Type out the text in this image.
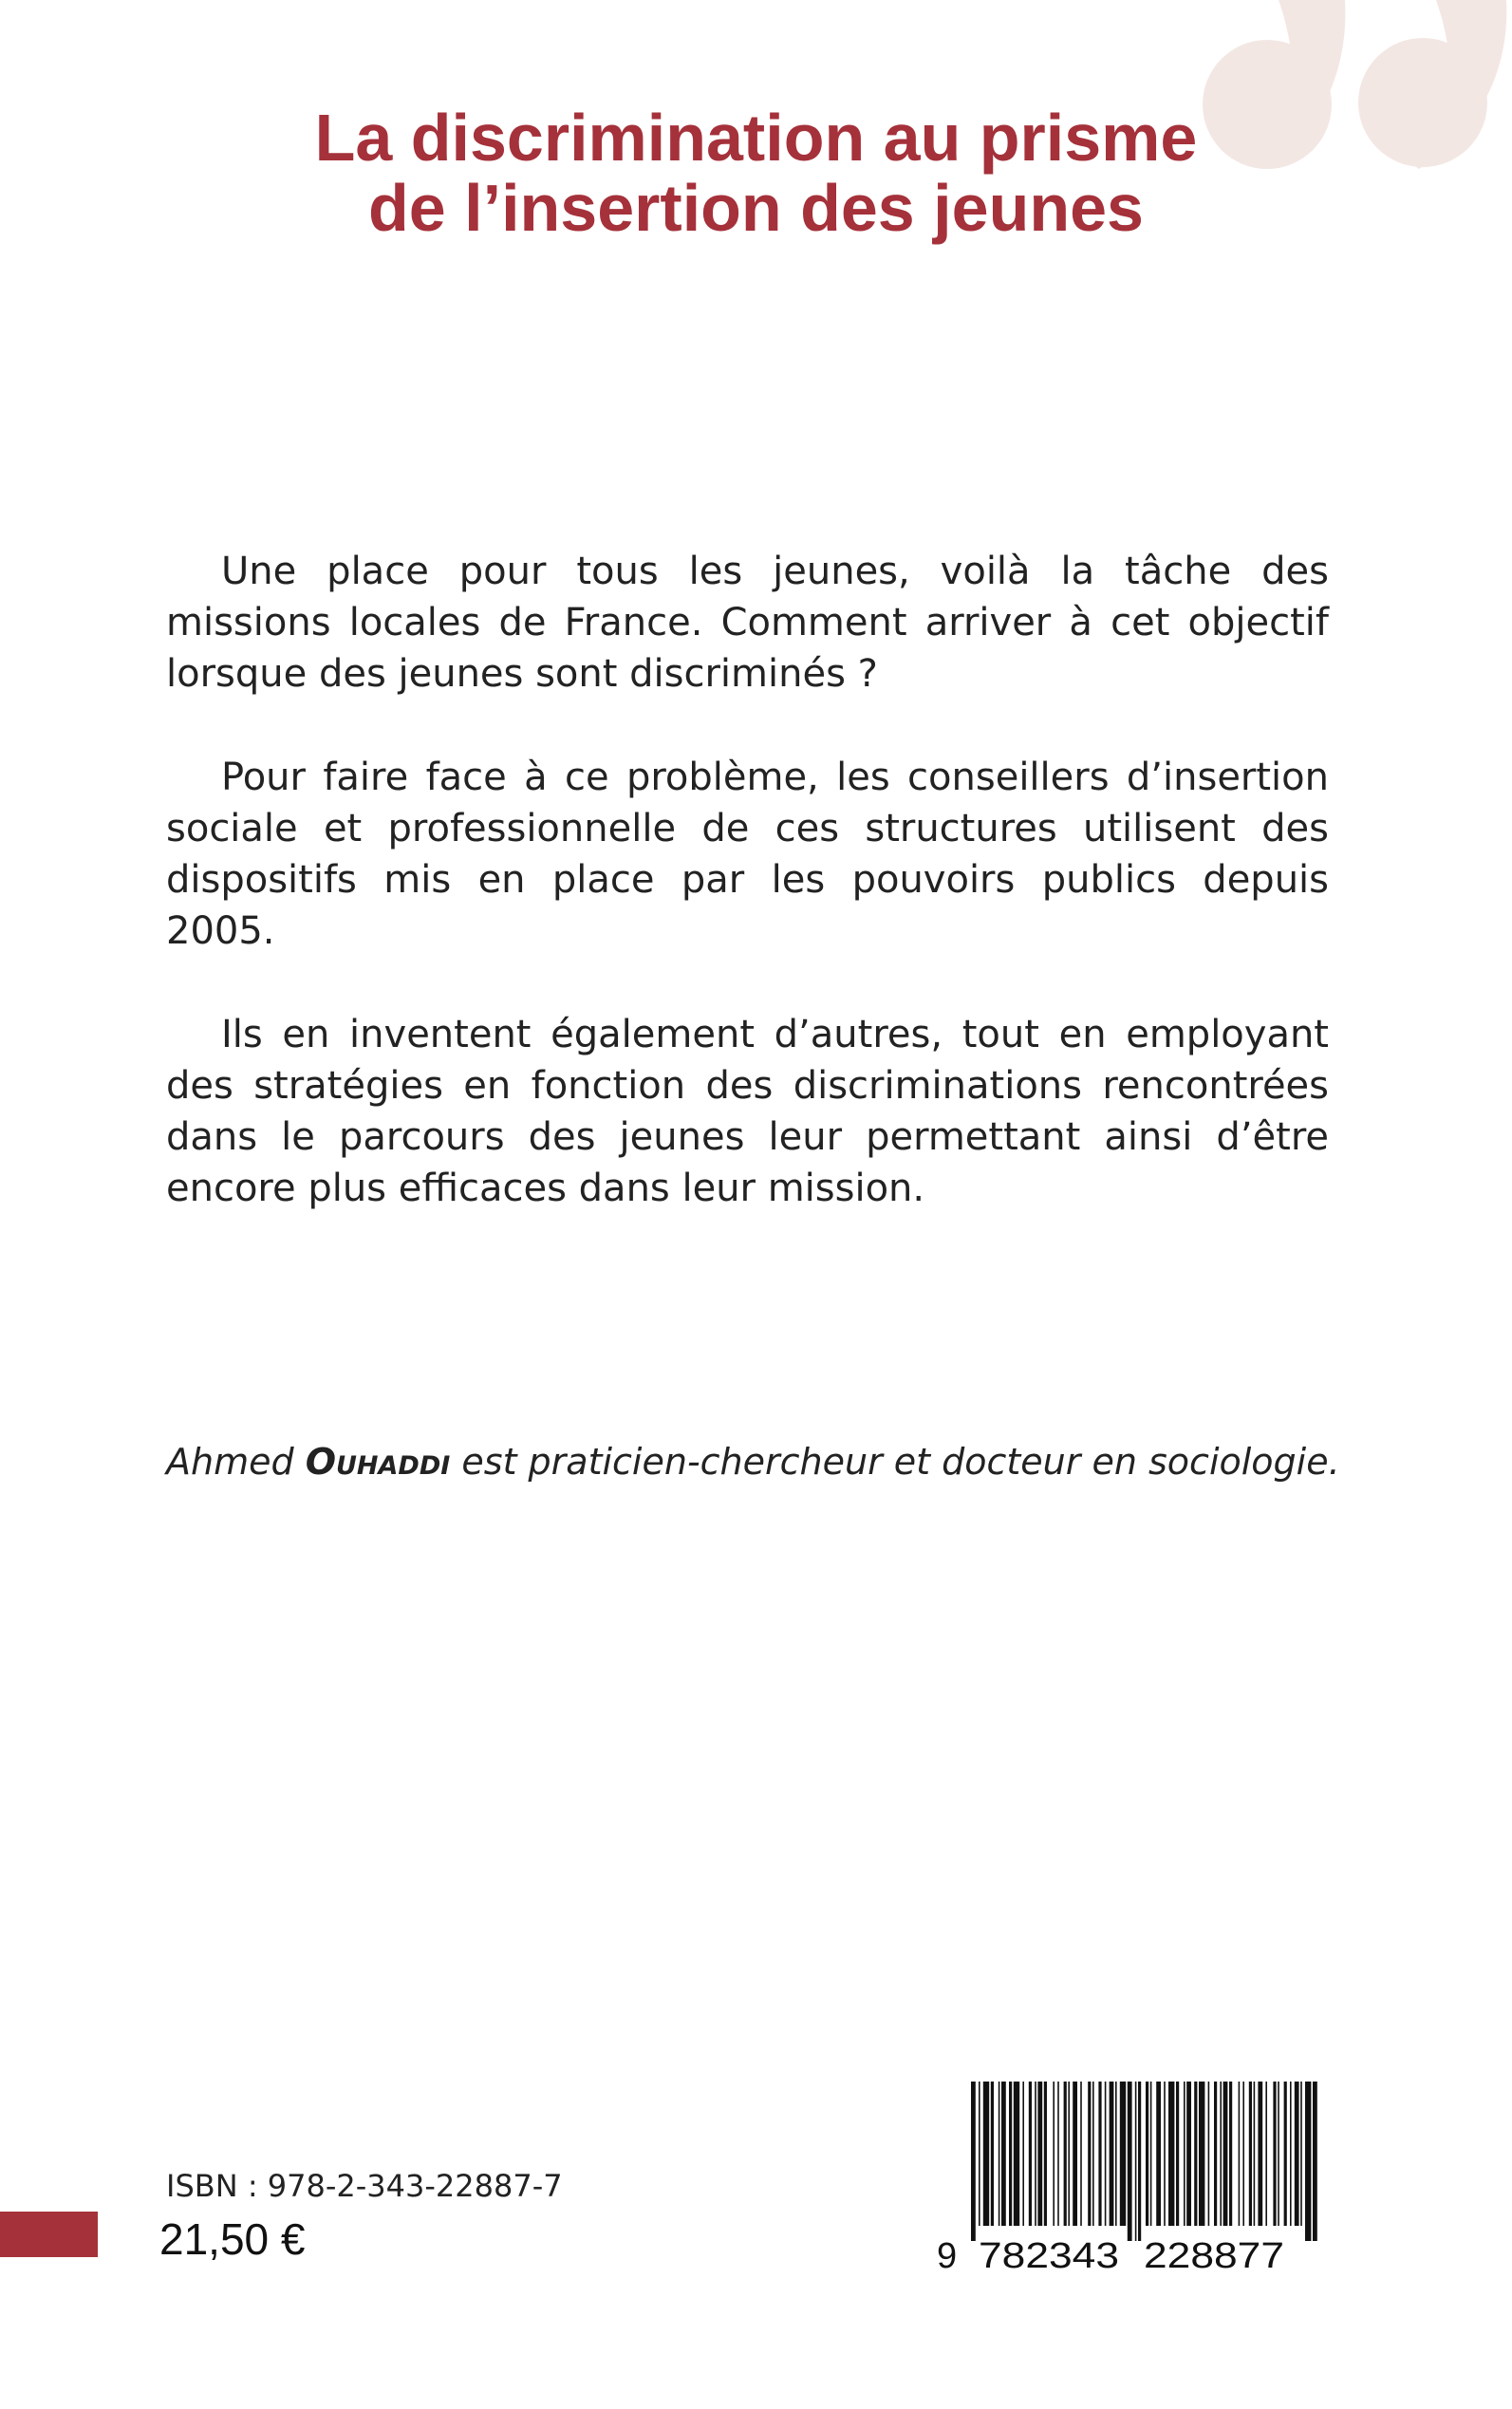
La discrimination au prisme
de l’insertion des jeunes

Une place pour tous les jeunes, voilà la tâche des missions locales de France. Comment arriver à cet objectif lorsque des jeunes sont discriminés ?

Pour faire face à ce problème, les conseillers d’insertion sociale et professionnelle de ces structures utilisent des dispositifs mis en place par les pouvoirs publics depuis 2005.

Ils en inventent également d’autres, tout en employant des stratégies en fonction des discriminations rencontrées dans le parcours des jeunes leur permettant ainsi d’être encore plus efficaces dans leur mission.

Ahmed Ouhaddi est praticien-chercheur et docteur en sociologie.
ISBN : 978-2-343-22887-7
21,50 €	9 782343 228877
